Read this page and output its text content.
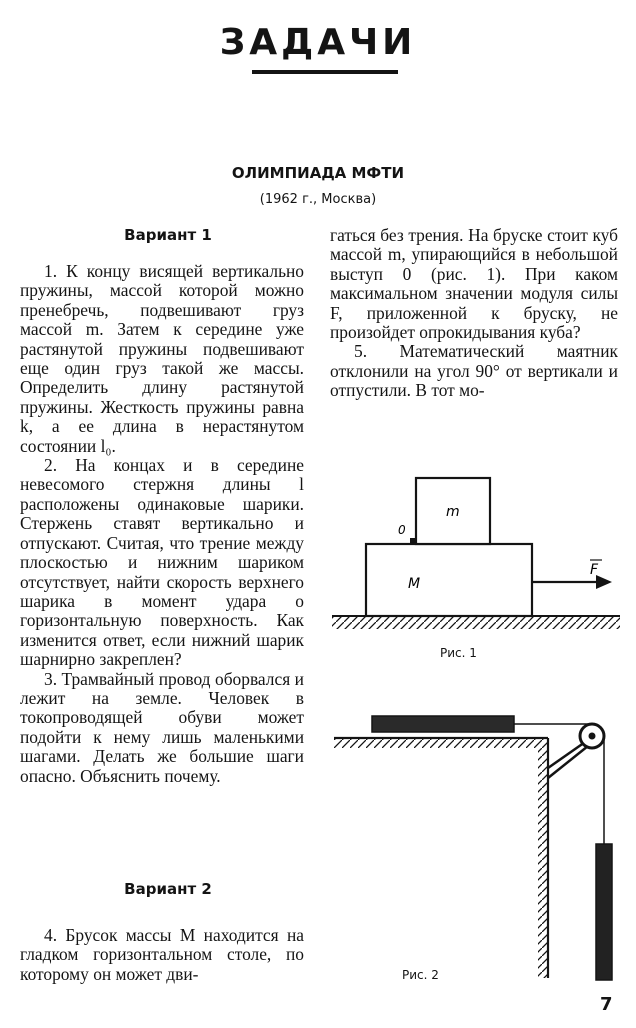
ЗАДАЧИ
ОЛИМПИАДА МФТИ
(1962 г., Москва)
Вариант 1

1. К концу висящей вертикально пружины, массой которой можно пренебречь, подвешивают груз массой m. Затем к середине уже растянутой пружины подвешивают еще один груз такой же массы. Определить длину растянутой пружины. Жесткость пружины равна k, а ее длина в нерастянутом состоянии l₀.

2. На концах и в середине невесомого стержня длины l расположены одинаковые шарики. Стержень ставят вертикально и отпускают. Считая, что трение между плоскостью и нижним шариком отсутствует, найти скорость верхнего шарика в момент удара о горизонтальную поверхность. Как изменится ответ, если нижний шарик шарнирно закреплен?

3. Трамвайный провод оборвался и лежит на земле. Человек в токопроводящей обуви может подойти к нему лишь маленькими шагами. Делать же большие шаги опасно. Объяснить почему.

Вариант 2

4. Брусок массы M находится на гладком горизонтальном столе, по которому он может дви-

гаться без трения. На бруске стоит куб массой m, упирающийся в небольшой выступ 0 (рис. 1). При каком максимальном значении модуля силы F, приложенной к бруску, не произойдет опрокидывания куба?

5. Математический маятник отклонили на угол 90° от вертикали и отпустили. В тот мо-

M
0
m
F
Рис. 1
Рис. 2
7
